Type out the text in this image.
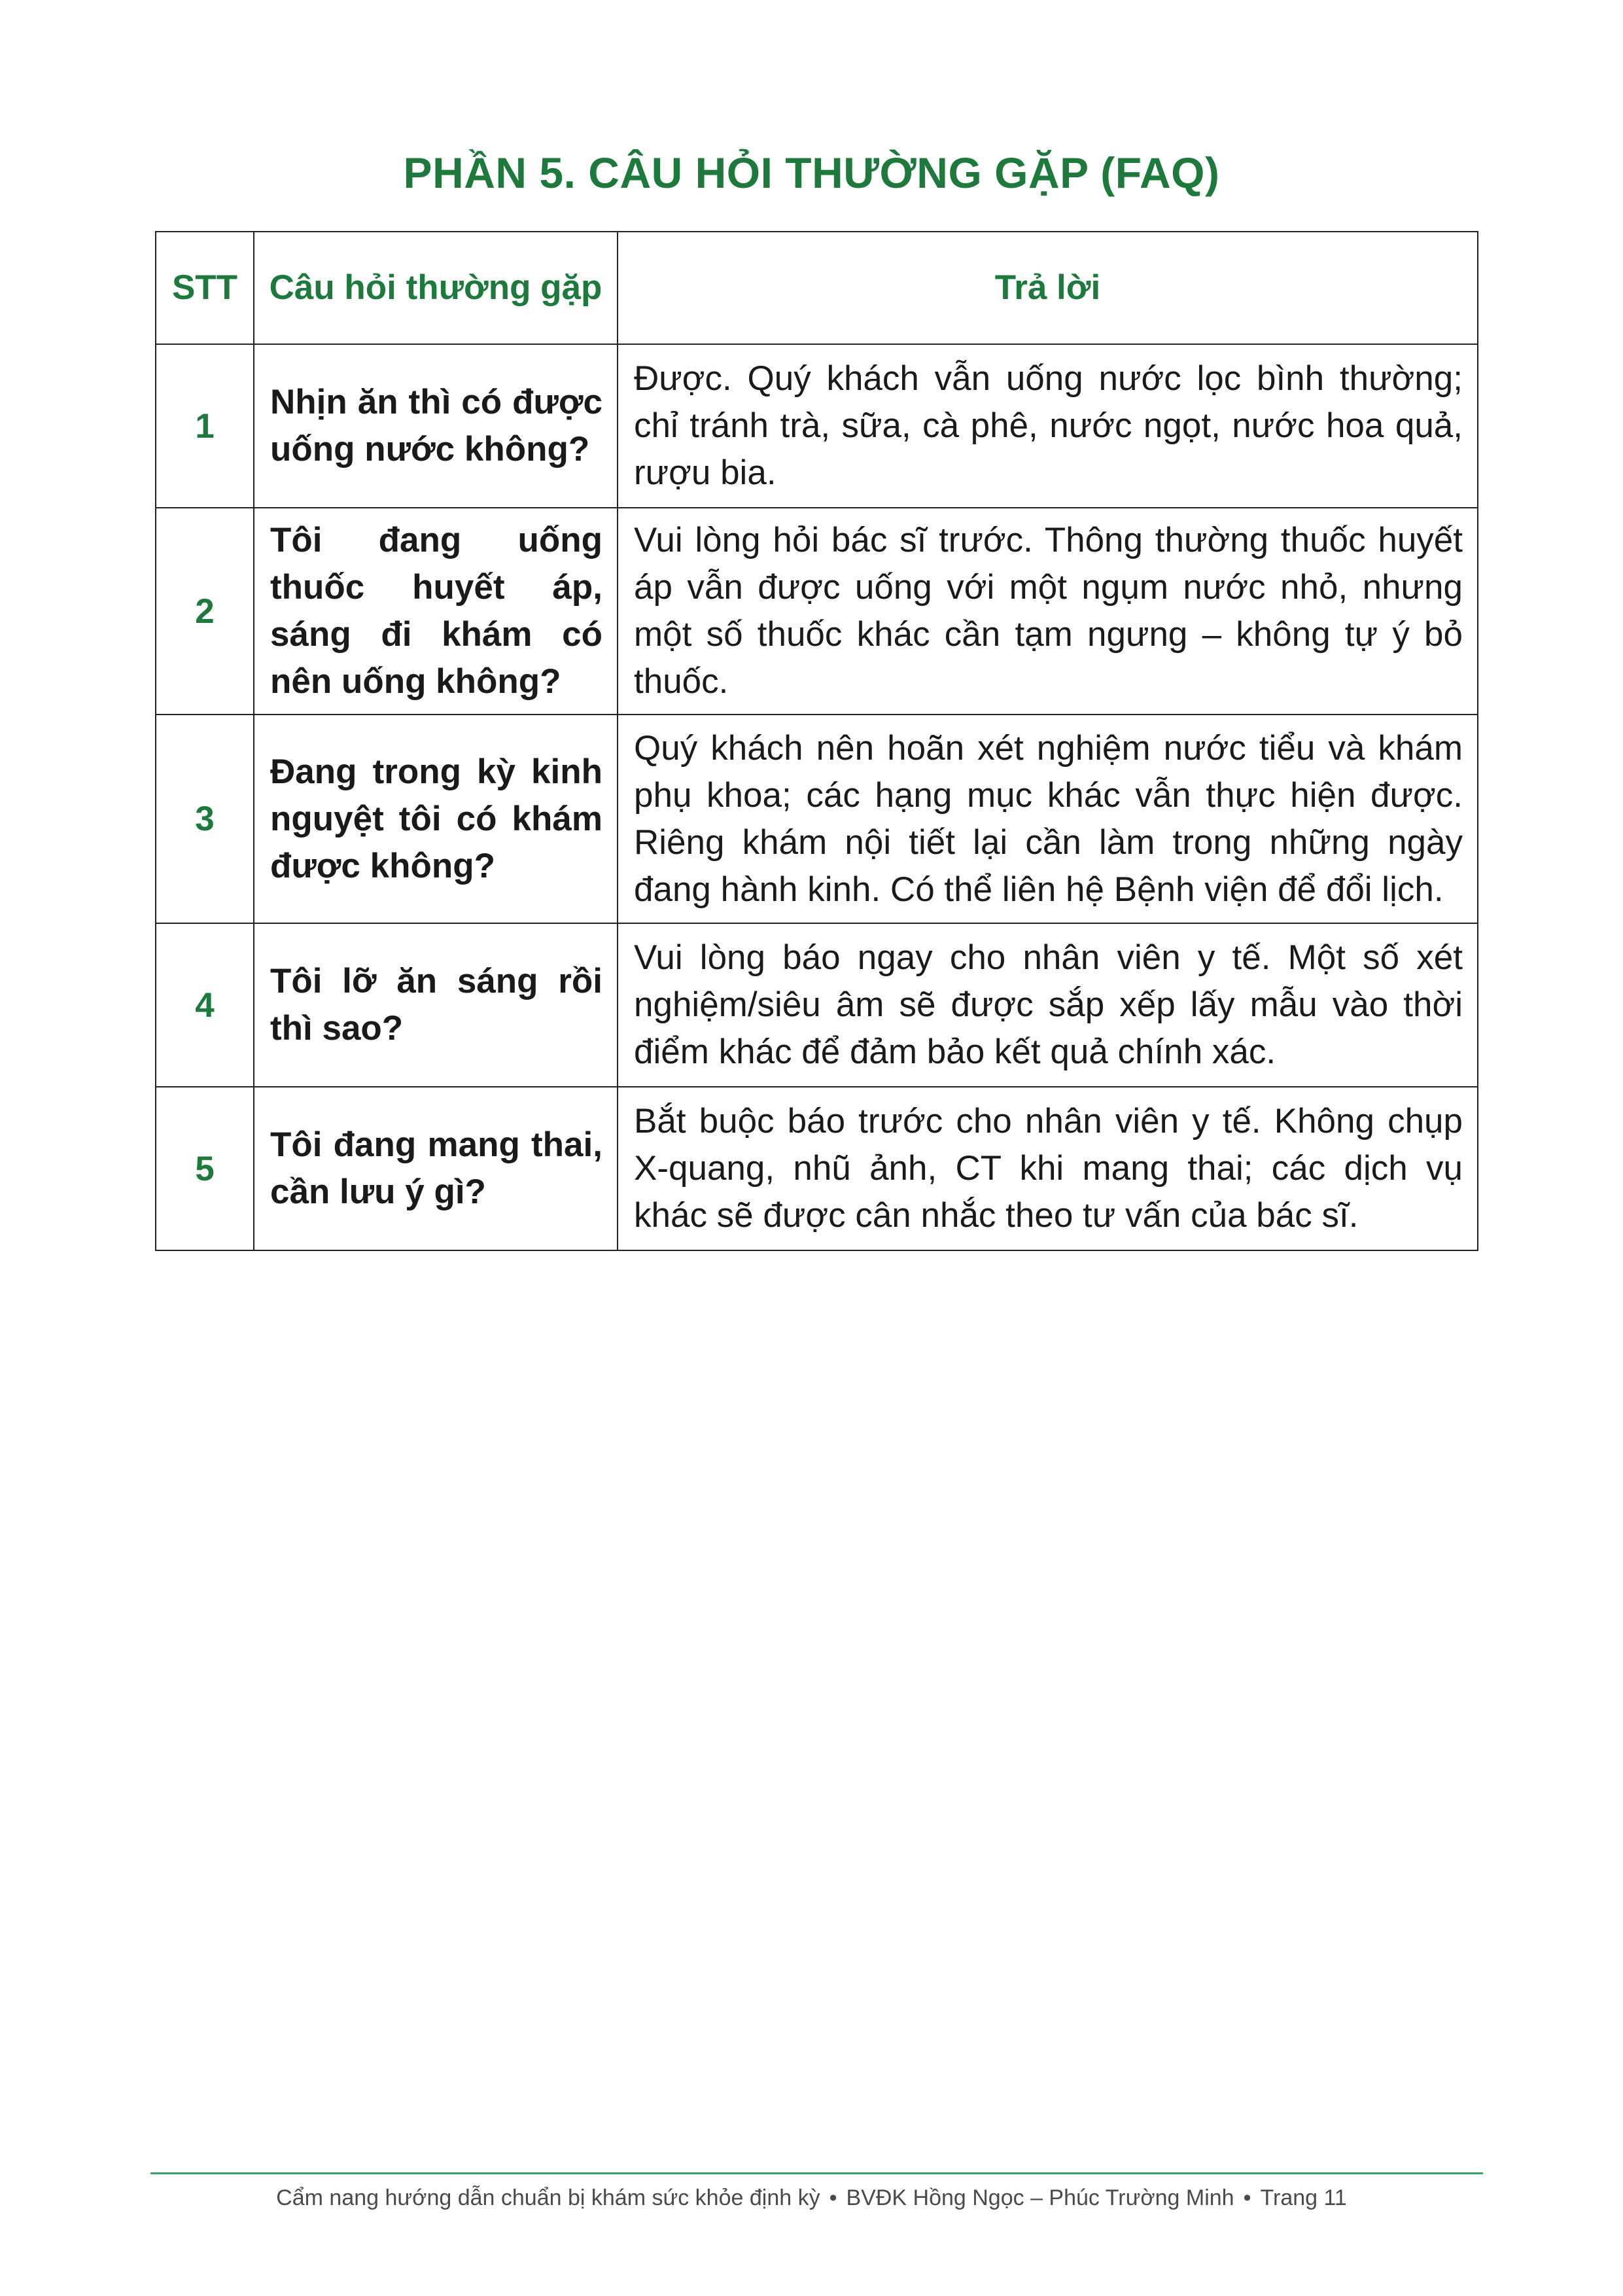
PHẦN 5. CÂU HỎI THƯỜNG GẶP (FAQ)
STT	Câu hỏi thường gặp	Trả lời
1	Nhịn ăn thì có được uống nước không?	Được. Quý khách vẫn uống nước lọc bình thường; chỉ tránh trà, sữa, cà phê, nước ngọt, nước hoa quả, rượu bia.
2	Tôi đang uống thuốc huyết áp, sáng đi khám có nên uống không?	Vui lòng hỏi bác sĩ trước. Thông thường thuốc huyết áp vẫn được uống với một ngụm nước nhỏ, nhưng một số thuốc khác cần tạm ngưng – không tự ý bỏ thuốc.
3	Đang trong kỳ kinh nguyệt tôi có khám được không?	Quý khách nên hoãn xét nghiệm nước tiểu và khám phụ khoa; các hạng mục khác vẫn thực hiện được. Riêng khám nội tiết lại cần làm trong những ngày đang hành kinh. Có thể liên hệ Bệnh viện để đổi lịch.
4	Tôi lỡ ăn sáng rồi thì sao?	Vui lòng báo ngay cho nhân viên y tế. Một số xét nghiệm/siêu âm sẽ được sắp xếp lấy mẫu vào thời điểm khác để đảm bảo kết quả chính xác.
5	Tôi đang mang thai, cần lưu ý gì?	Bắt buộc báo trước cho nhân viên y tế. Không chụp X-quang, nhũ ảnh, CT khi mang thai; các dịch vụ khác sẽ được cân nhắc theo tư vấn của bác sĩ.
Cẩm nang hướng dẫn chuẩn bị khám sức khỏe định kỳ • BVĐK Hồng Ngọc – Phúc Trường Minh • Trang 11
